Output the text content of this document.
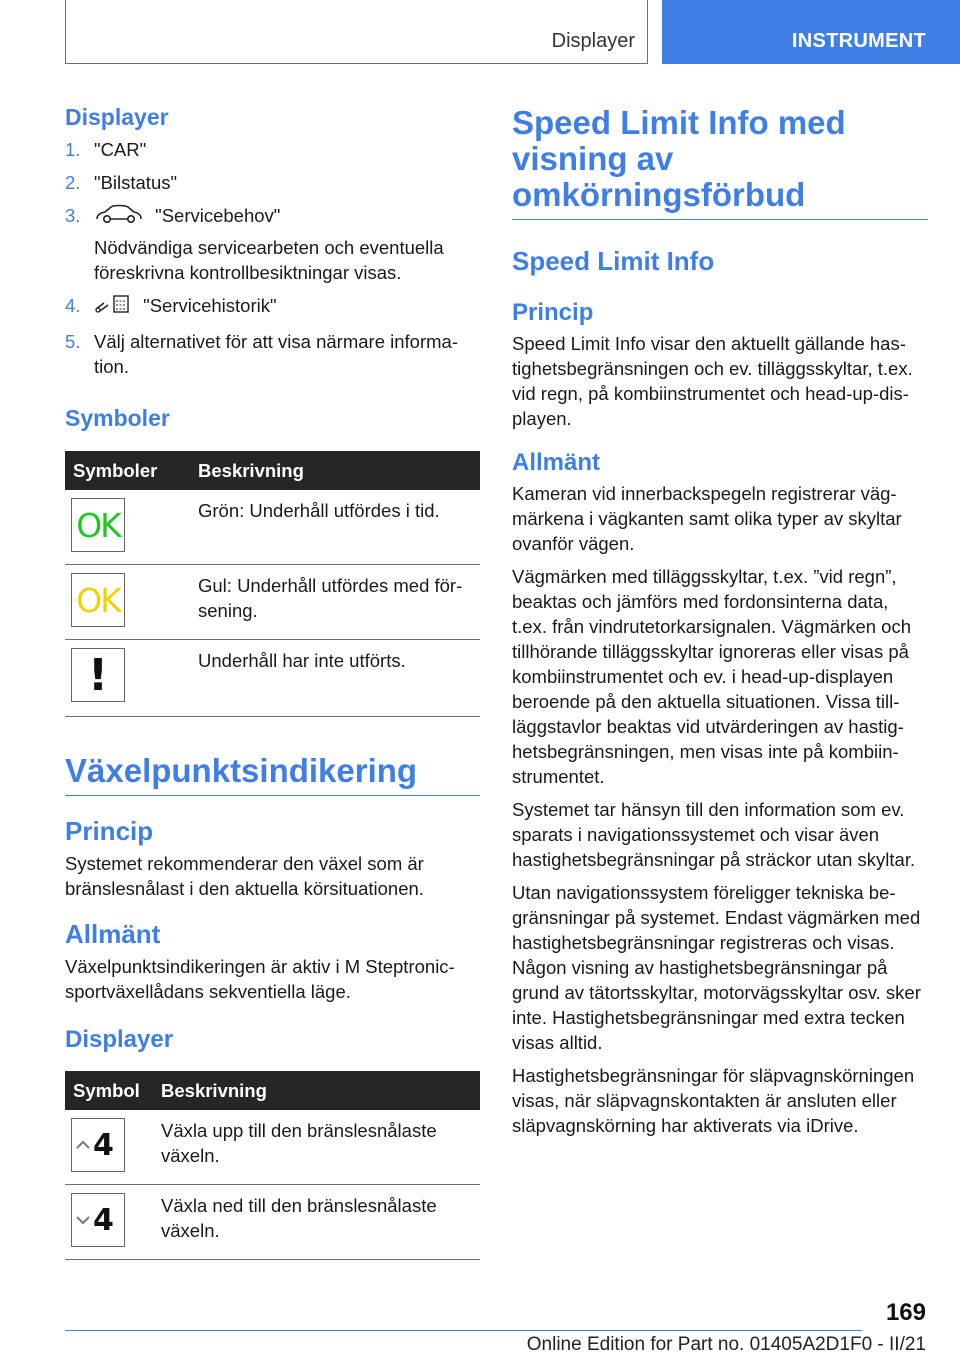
Displayer	INSTRUMENT
Displayer
1. "CAR"
2. "Bilstatus"
3.	"Servicebehov"
Nödvändiga servicearbeten och eventuella föreskrivna kontrollbesiktningar visas.
4.	"Servicehistorik"
5. Välj alternativet för att visa närmare information.
Symboler
Symboler	Beskrivning

OK	Grön: Underhåll utfördes i tid.

OK	Gul: Underhåll utfördes med försening.

!	Underhåll har inte utförts.
Växelpunktsindikering
Princip

Systemet rekommenderar den växel som är bränslesnålast i den aktuella körsituationen.

Allmänt

Växelpunktsindikeringen är aktiv i M Steptronic-sportväxellådans sekventiella läge.

Displayer
Symbol	Beskrivning

4	Växla upp till den bränslesnålaste växeln.

4	Växla ned till den bränslesnålaste växeln.
Speed Limit Info med visning av omkörningsförbud
Speed Limit Info
Princip

Speed Limit Info visar den aktuellt gällande hastighetsbegränsningen och ev. tilläggsskyltar, t.ex. vid regn, på kombiinstrumentet och head-up-displayen.

Allmänt

Kameran vid innerbackspegeln registrerar vägmärkena i vägkanten samt olika typer av skyltar ovanför vägen.

Vägmärken med tilläggsskyltar, t.ex. ”vid regn”, beaktas och jämförs med fordonsinterna data, t.ex. från vindrutetorkarsignalen. Vägmärken och tillhörande tilläggsskyltar ignoreras eller visas på kombiinstrumentet och ev. i head-up-displayen beroende på den aktuella situationen. Vissa tillläggstavlor beaktas vid utvärderingen av hastighetsbegränsningen, men visas inte på kombiinstrumentet.

Systemet tar hänsyn till den information som ev. sparats i navigationssystemet och visar även hastighetsbegränsningar på sträckor utan skyltar.

Utan navigationssystem föreligger tekniska begränsningar på systemet. Endast vägmärken med hastighetsbegränsningar registreras och visas. Någon visning av hastighetsbegränsningar på grund av tätortsskyltar, motorvägsskyltar osv. sker inte. Hastighetsbegränsningar med extra tecken visas alltid.

Hastighetsbegränsningar för släpvagnskörningen visas, när släpvagnskontakten är ansluten eller släpvagnskörning har aktiverats via iDrive.

169
Online Edition for Part no. 01405A2D1F0 - II/21
